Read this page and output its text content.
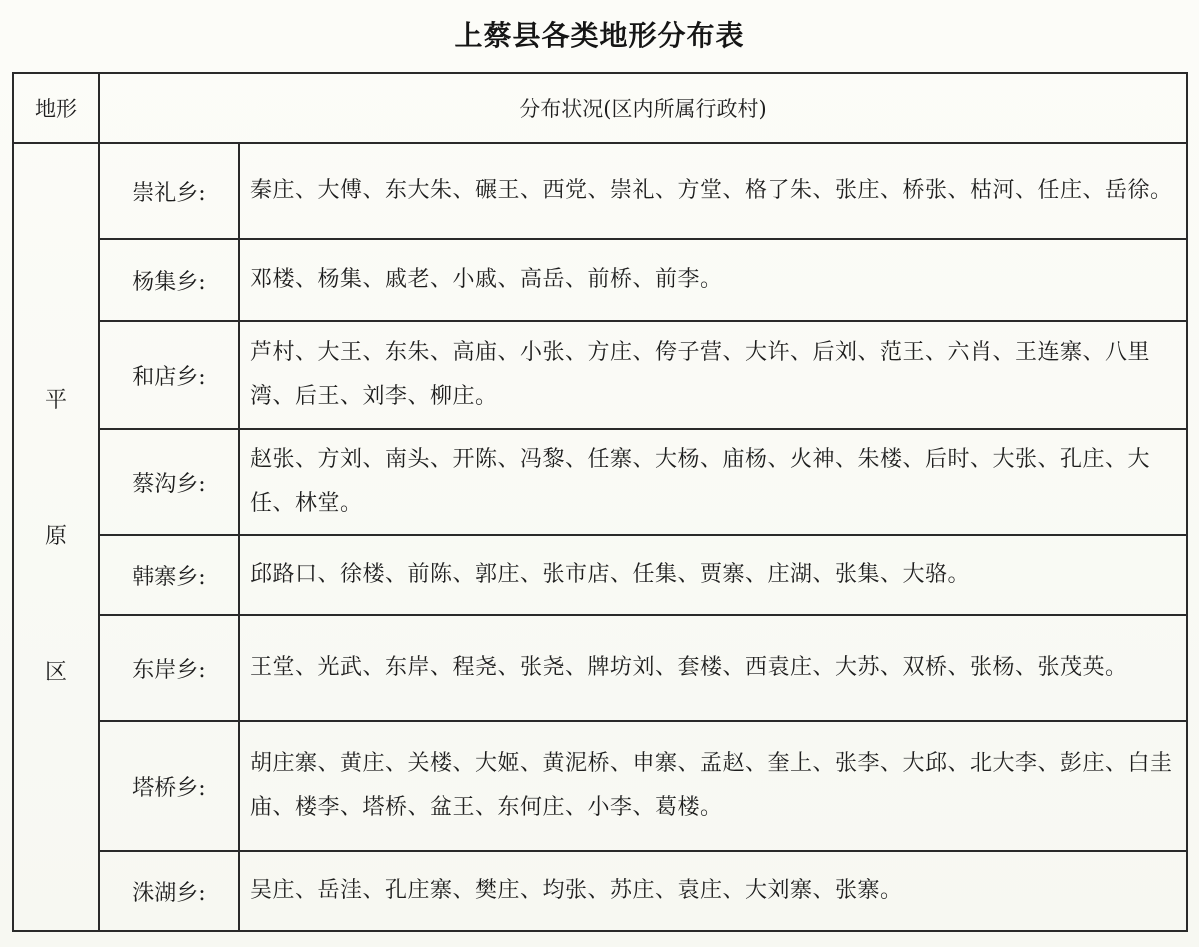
上蔡县各类地形分布表
地形	分布状况(区内所属行政村)	

平
原
区	崇礼乡:	秦庄、大傅、东大朱、碾王、西党、崇礼、方堂、格了朱、张庄、桥张、枯河、任庄、岳徐。
	杨集乡:	邓楼、杨集、戚老、小戚、高岳、前桥、前李。
	和店乡:	芦村、大王、东朱、高庙、小张、方庄、侉子营、大许、后刘、范王、六肖、王连寨、八里湾、后王、刘李、柳庄。
	蔡沟乡:	赵张、方刘、南头、开陈、冯黎、任寨、大杨、庙杨、火神、朱楼、后时、大张、孔庄、大任、林堂。
	韩寨乡:	邱路口、徐楼、前陈、郭庄、张市店、任集、贾寨、庄湖、张集、大骆。
	东岸乡:	王堂、光武、东岸、程尧、张尧、牌坊刘、套楼、西袁庄、大苏、双桥、张杨、张茂英。
	塔桥乡:	胡庄寨、黄庄、关楼、大姬、黄泥桥、申寨、孟赵、奎上、张李、大邱、北大李、彭庄、白圭庙、楼李、塔桥、盆王、东何庄、小李、葛楼。
	洙湖乡:	吴庄、岳洼、孔庄寨、樊庄、均张、苏庄、袁庄、大刘寨、张寨。
